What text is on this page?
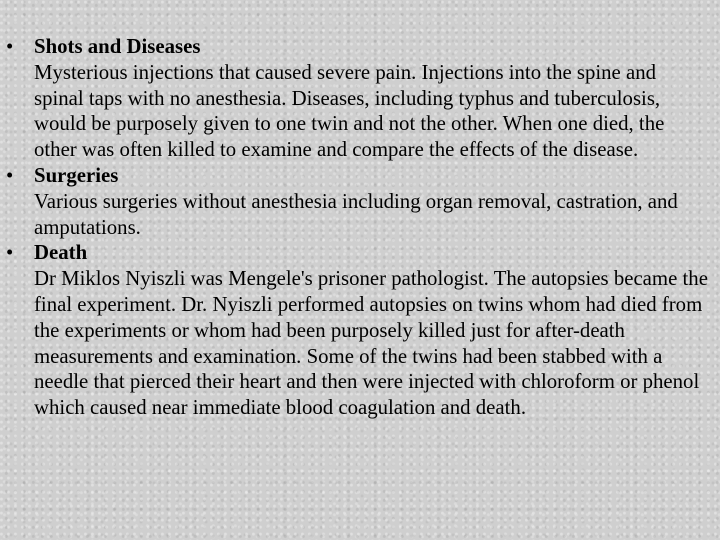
• Shots and Diseases
Mysterious injections that caused severe pain. Injections into the spine and spinal taps with no anesthesia. Diseases, including typhus and tuberculosis, would be purposely given to one twin and not the other. When one died, the other was often killed to examine and compare the effects of the disease.
• Surgeries
Various surgeries without anesthesia including organ removal, castration, and amputations.
• Death
Dr Miklos Nyiszli was Mengele's prisoner pathologist. The autopsies became the final experiment. Dr. Nyiszli performed autopsies on twins whom had died from the experiments or whom had been purposely killed just for after-death measurements and examination. Some of the twins had been stabbed with a needle that pierced their heart and then were injected with chloroform or phenol which caused near immediate blood coagulation and death.
